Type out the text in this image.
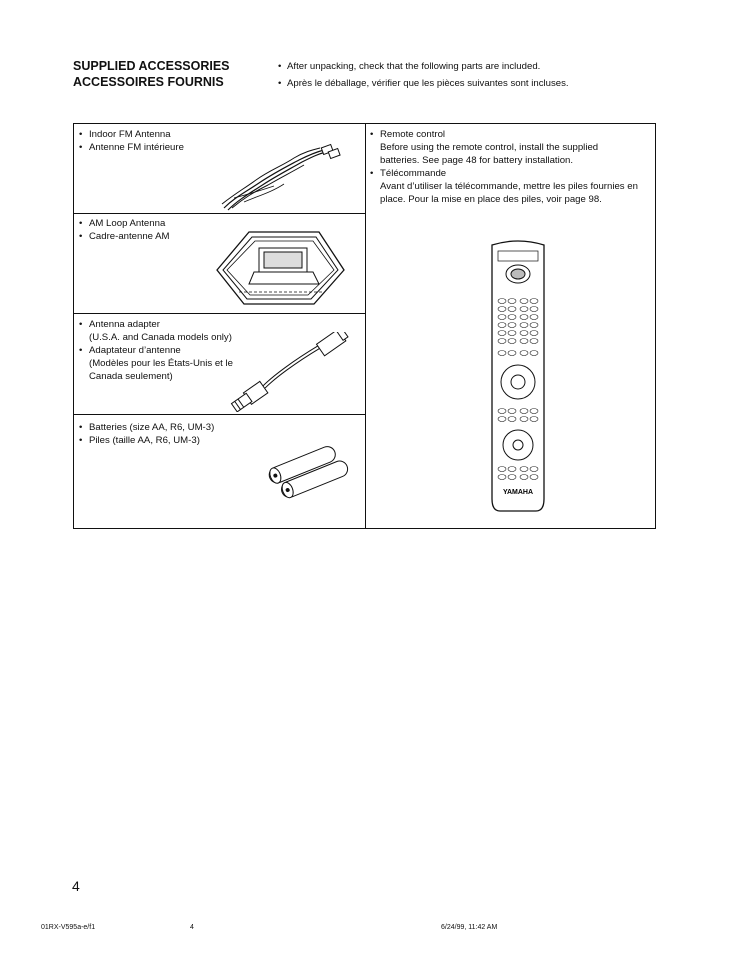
SUPPLIED ACCESSORIES
ACCESSOIRES FOURNIS
• After unpacking, check that the following parts are included.
• Après le déballage, vérifier que les pièces suivantes sont incluses.
• Indoor FM Antenna
• Antenne FM intérieure
• AM Loop Antenna
• Cadre-antenne AM
• Antenna adapter
(U.S.A. and Canada models only)
• Adaptateur d’antenne
(Modèles pour les États-Unis et le
Canada seulement)
• Batteries (size AA, R6, UM-3)
• Piles (taille AA, R6, UM-3)
• Remote control
Before using the remote control, install the supplied
batteries. See page 48 for battery installation.
• Télécommande
Avant d’utiliser la télécommande, mettre les piles fournies en
place. Pour la mise en place des piles, voir page 98.
YAMAHA
4
01RX-V595a-e/f1	4	6/24/99, 11:42 AM
